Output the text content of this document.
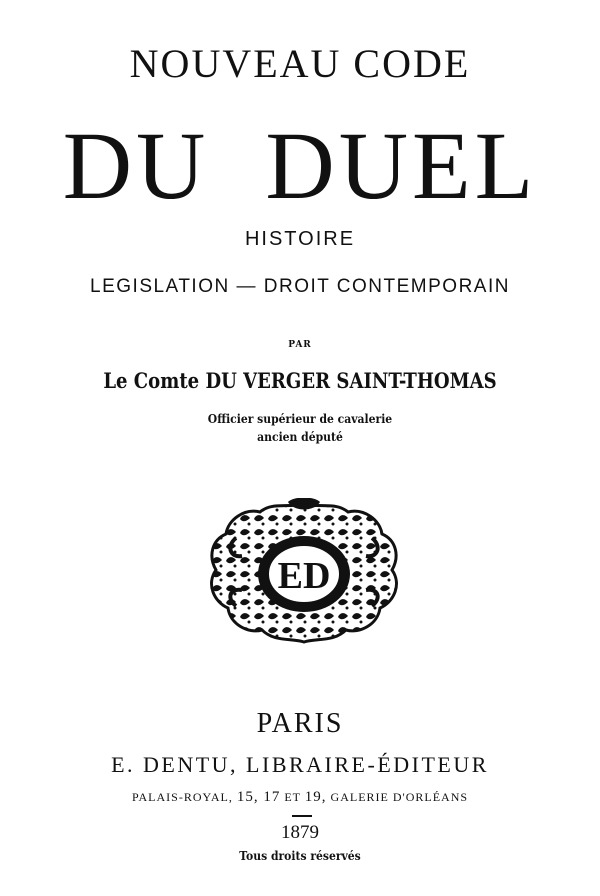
NOUVEAU CODE
DU DUEL
HISTOIRE
LEGISLATION — DROIT CONTEMPORAIN
PAR
Le Comte DU VERGER SAINT-THOMAS
Officier supérieur de cavalerie
ancien député
ED
PARIS
E. DENTU, LIBRAIRE-ÉDITEUR
PALAIS-ROYAL, 15, 17 ET 19, GALERIE D'ORLÉANS
1879
Tous droits réservés
